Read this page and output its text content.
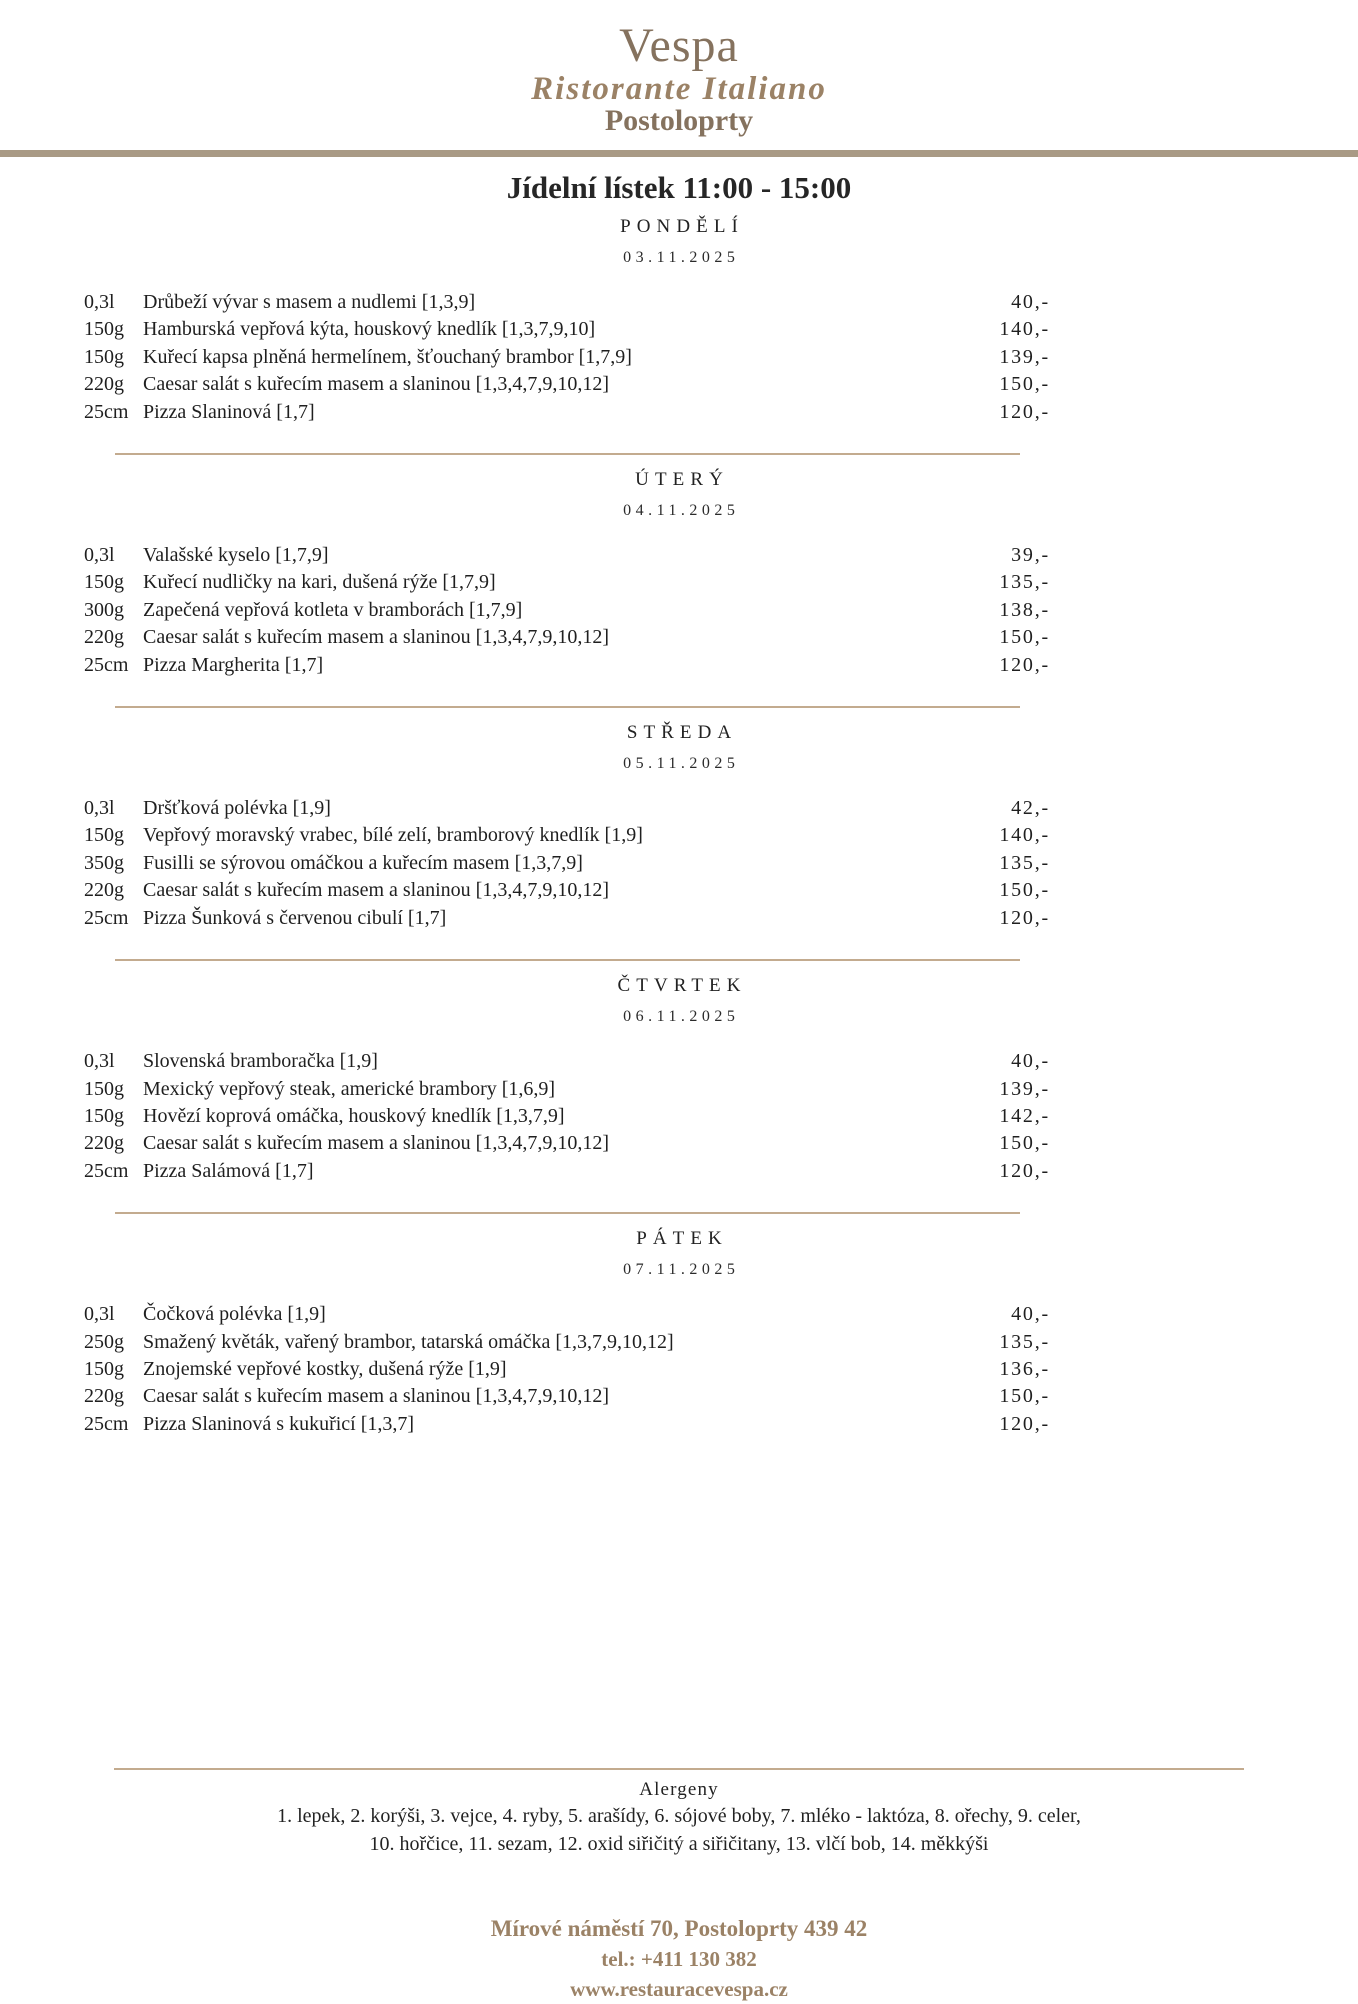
Vespa
Ristorante Italiano
Postoloprty
Jídelní lístek 11:00 - 15:00
PONDĚLÍ
03.11.2025
0,3l	Drůbeží vývar s masem a nudlemi [1,3,9]	40,-
150g Hamburská vepřová kýta, houskový knedlík [1,3,7,9,10]	140,-
150g Kuřecí kapsa plněná hermelínem, šťouchaný brambor [1,7,9]	139,-
220g Caesar salát s kuřecím masem a slaninou [1,3,4,7,9,10,12]	150,-
25cm Pizza Slaninová [1,7]	120,-
ÚTERÝ
04.11.2025
0,3l	Valašské kyselo [1,7,9]	39,-
150g Kuřecí nudličky na kari, dušená rýže [1,7,9]	135,-
300g Zapečená vepřová kotleta v bramborách [1,7,9]	138,-
220g Caesar salát s kuřecím masem a slaninou [1,3,4,7,9,10,12]	150,-
25cm Pizza Margherita [1,7]	120,-
STŘEDA
05.11.2025
0,3l	Dršťková polévka [1,9]	42,-
150g Vepřový moravský vrabec, bílé zelí, bramborový knedlík [1,9]	140,-
350g Fusilli se sýrovou omáčkou a kuřecím masem [1,3,7,9]	135,-
220g Caesar salát s kuřecím masem a slaninou [1,3,4,7,9,10,12]	150,-
25cm Pizza Šunková s červenou cibulí [1,7]	120,-
ČTVRTEK
06.11.2025
0,3l	Slovenská bramboračka [1,9]	40,-
150g Mexický vepřový steak, americké brambory [1,6,9]	139,-
150g Hovězí koprová omáčka, houskový knedlík [1,3,7,9]	142,-
220g Caesar salát s kuřecím masem a slaninou [1,3,4,7,9,10,12]	150,-
25cm Pizza Salámová [1,7]	120,-
PÁTEK
07.11.2025
0,3l	Čočková polévka [1,9]	40,-
250g Smažený květák, vařený brambor, tatarská omáčka [1,3,7,9,10,12]	135,-
150g Znojemské vepřové kostky, dušená rýže [1,9]	136,-
220g Caesar salát s kuřecím masem a slaninou [1,3,4,7,9,10,12]	150,-
25cm Pizza Slaninová s kukuřicí [1,3,7]	120,-
Alergeny
1. lepek, 2. korýši, 3. vejce, 4. ryby, 5. arašídy, 6. sójové boby, 7. mléko - laktóza, 8. ořechy, 9. celer,
10. hořčice, 11. sezam, 12. oxid siřičitý a siřičitany, 13. vlčí bob, 14. měkkýši
Mírové náměstí 70, Postoloprty 439 42
tel.: +411 130 382
www.restauracevespa.cz
